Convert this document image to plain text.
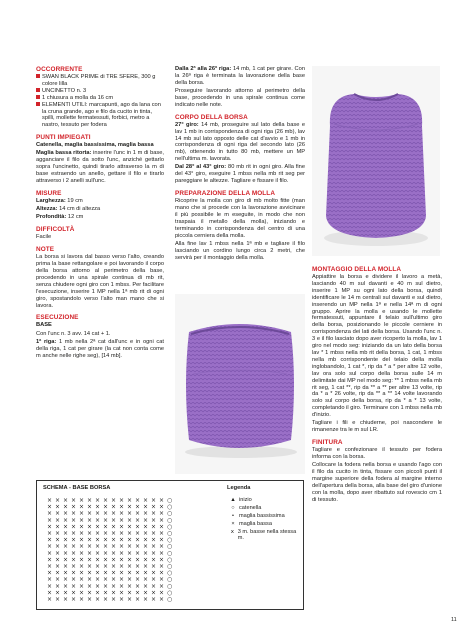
OCCORRENTE
SWAN BLACK PRIME di TRE SFERE, 300 g colore lilla
UNCINETTO n. 3
1 chiusura a molla da 16 cm
ELEMENTI UTILI: marcapunti, ago da lana con la cruna grande, ago e filo da cucito in tinta, spilli, mollette fermatessuti, forbici, metro a nastro, tessuto per fodera
PUNTI IMPIEGATI

Catenella, maglia bassissima, maglia bassa

Maglia bassa ritorta: inserire l'unc in 1 m di base, agganciare il filo da sotto l'unc, anziché gettarlo sopra l'uncinetto, quindi tirarlo attraverso la m di base estraendo un anello, gettare il filo e tirarlo attraverso i 2 anelli sull'unc.

MISURE

Larghezza: 19 cm

Altezza: 14 cm di altezza

Profondità: 12 cm

DIFFICOLTÀ

Facile

NOTE

La borsa si lavora dal basso verso l'alto, creando prima la base rettangolare e poi lavorando il corpo della borsa attorno al perimetro della base, procedendo in una spirale continua di mb rit, senza chiudere ogni giro con 1 mbss. Per facilitare l'esecuzione, inserire 1 MP nella 1ª mb rit di ogni giro, spostandolo verso l'alto man mano che si lavora.

ESECUZIONE

BASE

Con l'unc n. 3 avv. 14 cat + 1.

1ª riga: 1 mb nella 2ª cat dall'unc e in ogni cat della riga, 1 cat per girare (la cat non conta come m anche nelle righe seg), [14 mb].

Dalla 2ª alla 26ª riga: 14 mb, 1 cat per girare. Con la 26ª riga è terminata la lavorazione della base della borsa.

Proseguire lavorando attorno al perimetro della base, procedendo in una spirale continua come indicato nelle note.

CORPO DELLA BORSA

27° giro: 14 mb, proseguire sul lato della base e lav 1 mb in corrispondenza di ogni riga (26 mb), lav 14 mb sul lato opposto delle cat d'avvio e 1 mb in corrispondenza di ogni riga del secondo lato (26 mb), ottenendo in tutto 80 mb, mettere un MP nell'ultima m. lavorata.

Dal 28° al 43° giro: 80 mb rit in ogni giro. Alla fine del 43° giro, eseguire 1 mbss nella mb rit seg per pareggiare le altezze. Tagliare e fissare il filo.

PREPARAZIONE DELLA MOLLA

Ricoprire la molla con giro di mb molto fitte (man mano che si procede con la lavorazione avvicinare il più possibile le m eseguite, in modo che non traspaia il metallo della molla), iniziando e terminando in corrispondenza del centro di una piccola cerniera della molla.

Alla fine lav 1 mbss nella 1ª mb e tagliare il filo lasciando un cordino lungo circa 2 metri, che servirà per il montaggio della molla.

MONTAGGIO DELLA MOLLA

Appiattire la borsa e dividere il lavoro a metà, lasciando 40 m sul davanti e 40 m sul dietro, inserire 1 MP su ogni lato della borsa, quindi identificare le 14 m centrali sul davanti e sul dietro, inserendo un MP nella 1ª e nella 14ª m di ogni gruppo. Aprire la molla e usando le mollette fermatessuti, appuntare il telaio sull'ultimo giro della borsa, posizionando le piccole cerniere in corrispondenza dei lati della borsa. Usando l'unc n. 3 e il filo lasciato dopo aver ricoperto la molla, lav 1 giro nel modo seg: iniziando da un lato della borsa lav * 1 mbss nella mb rit della borsa, 1 cat, 1 mbss nella mb corrispondente del telaio della molla inglobandolo, 1 cat *, rip da * a * per altre 12 volte, lav ora solo sul corpo della borsa sulle 14 m delimitate dai MP nel modo seg: ** 1 mbss nella mb rit seg, 1 cat **, rip da ** a ** per altre 13 volte, rip da * a * 26 volte, rip da ** a ** 14 volte lavorando solo sul corpo della borsa, rip da * a * 13 volte, completando il giro. Terminare con 1 mbss nella mb d'inizio.

Tagliare i fili e chiuderne, poi nascondere le rimanenze tra le m sul LR.

FINITURA

Tagliare e confezionare il tessuto per fodera informa con la borsa.

Collocare la fodera nella borsa e usando l'ago con il filo da cucito in tinta, fissare con piccoli punti il margine superiore della fodera al margine interno dell'apertura della borsa, alla base del giro d'unione con la molla, dopo aver ribattuto sul rovescio cm 1 di tessuto.

SCHEMA - BASE BORSA
× × × × × × × × × × × × × × × ○
× × × × × × × × × × × × × × × ○
× × × × × × × × × × × × × × × ○
× × × × × × × × × × × × × × × ○
× × × × × × × × × × × × × × × ○
× × × × × × × × × × × × × × × ○
× × × × × × × × × × × × × × × ○
× × × × × × × × × × × × × × × ○
× × × × × × × × × × × × × × × ○
× × × × × × × × × × × × × × × ○
× × × × × × × × × × × × × × × ○
× × × × × × × × × × × × × × × ○
× × × × × × × × × × × × × × × ○
× × × × × × × × × × × × × × × ○
× × × × × × × × × × × × × × × ○
× × × × × × × × × × × × × × × ○
Legenda
▲ inizio
○ catenella
• maglia bassissima
× maglia bassa
ⅹ 3 m. basse nella stessa m.
11
